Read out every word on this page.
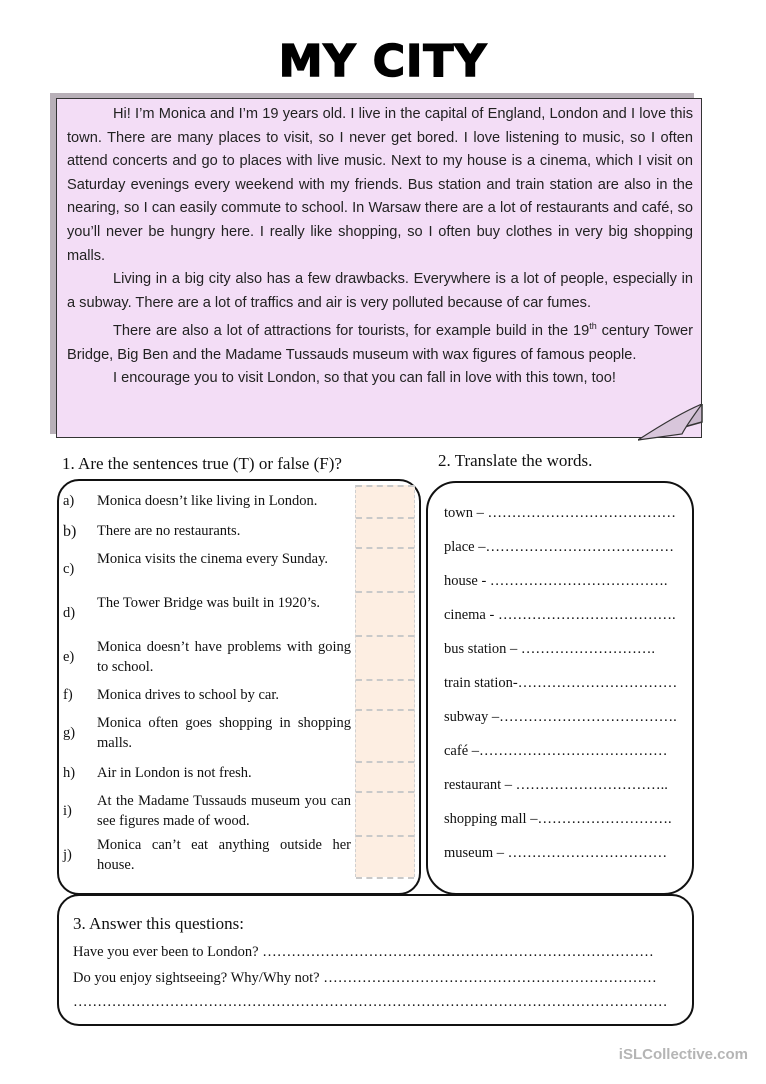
MY CITY

Hi! I’m Monica and I’m 19 years old. I live in the capital of England, London and I love this town. There are many places to visit, so I never get bored. I love listening to music, so I often attend concerts and go to places with live music. Next to my house is a cinema, which I visit on Saturday evenings every weekend with my friends. Bus station and train station are also in the nearing, so I can easily commute to school. In Warsaw there are a lot of restaurants and café, so you’ll never be hungry here. I really like shopping, so I often buy clothes in very big shopping malls.

Living in a big city also has a few drawbacks. Everywhere is a lot of people, especially in a subway. There are a lot of traffics and air is very polluted because of car fumes.

There are also a lot of attractions for tourists, for example build in the 19th century Tower Bridge, Big Ben and the Madame Tussauds museum with wax figures of famous people.

I encourage you to visit London, so that you can fall in love with this town, too!

1. Are the sentences true (T) or false (F)?	2. Translate the words.
a) Monica doesn’t like living in London.
b) There are no restaurants.
c)
Monica visits the cinema every Sunday.
d)
The Tower Bridge was built in 1920’s.
e)
Monica doesn’t have problems with going to school.
f) Monica drives to school by car.
g)
Monica often goes shopping in shopping malls.
h) Air in London is not fresh.
i)
At the Madame Tussauds museum you can see figures made of wood.
j)
Monica can’t eat anything outside her house.
town – …………………………………
place –…………………………………
house - ……………………………….
cinema - ……………………………….
bus station – ……………………….
train station-……………………………
subway –……………………………….
café –…………………………………
restaurant – …………………………..
shopping mall –……………………….
museum – ……………………………
3. Answer this questions:
Have you ever been to London? ………………………………………………………………………
Do you enjoy sightseeing? Why/Why not? ……………………………………………………………
……………………………………………………………………………………………………………
iSLCollective.com
